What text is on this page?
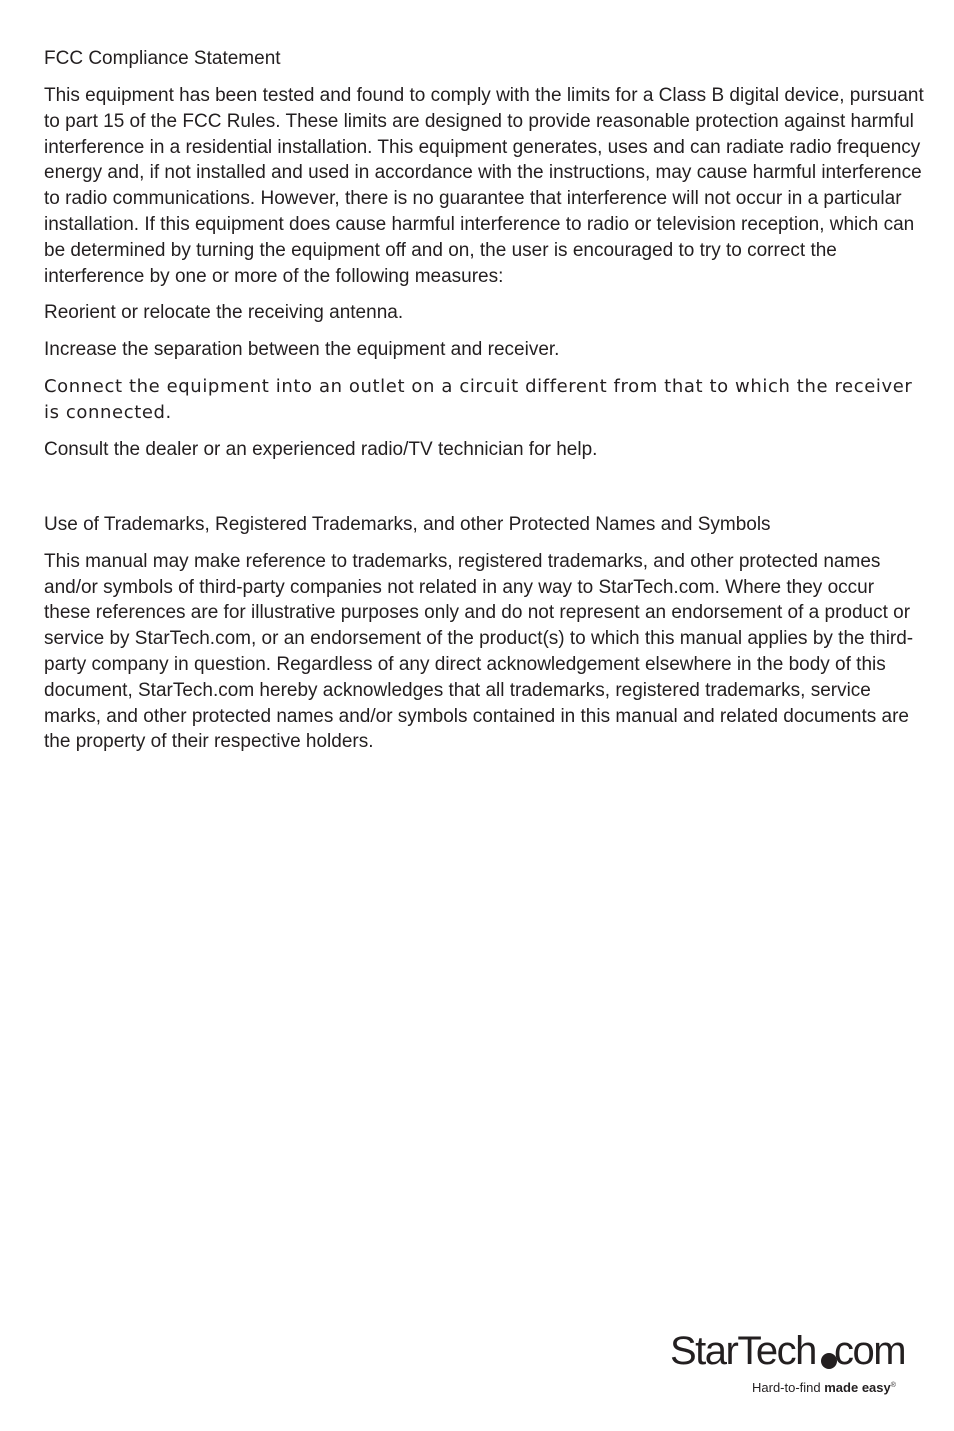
FCC Compliance Statement
This equipment has been tested and found to comply with the limits for a Class B digital device, pursuant to part 15 of the FCC Rules. These limits are designed to provide reasonable protection against harmful interference in a residential installation. This equipment generates, uses and can radiate radio frequency energy and, if not installed and used in accordance with the instructions, may cause harmful interference to radio communications. However, there is no guarantee that interference will not occur in a particular installation. If this equipment does cause harmful interference to radio or television reception, which can be determined by turning the equipment off and on, the user is encouraged to try to correct the interference by one or more of the following measures:
Reorient or relocate the receiving antenna.
Increase the separation between the equipment and receiver.
Connect the equipment into an outlet on a circuit different from that to which the receiver is connected.
Consult the dealer or an experienced radio/TV technician for help.
Use of Trademarks, Registered Trademarks, and other Protected Names and Symbols
This manual may make reference to trademarks, registered trademarks, and other protected names and/or symbols of third-party companies not related in any way to StarTech.com. Where they occur these references are for illustrative purposes only and do not represent an endorsement of a product or service by StarTech.com, or an endorsement of the product(s) to which this manual applies by the third-party company in question. Regardless of any direct acknowledgement elsewhere in the body of this document, StarTech.com hereby acknowledges that all trademarks, registered trademarks, service marks, and other protected names and/or symbols contained in this manual and related documents are the property of their respective holders.
StarTech com
Hard-to-find made easy®
